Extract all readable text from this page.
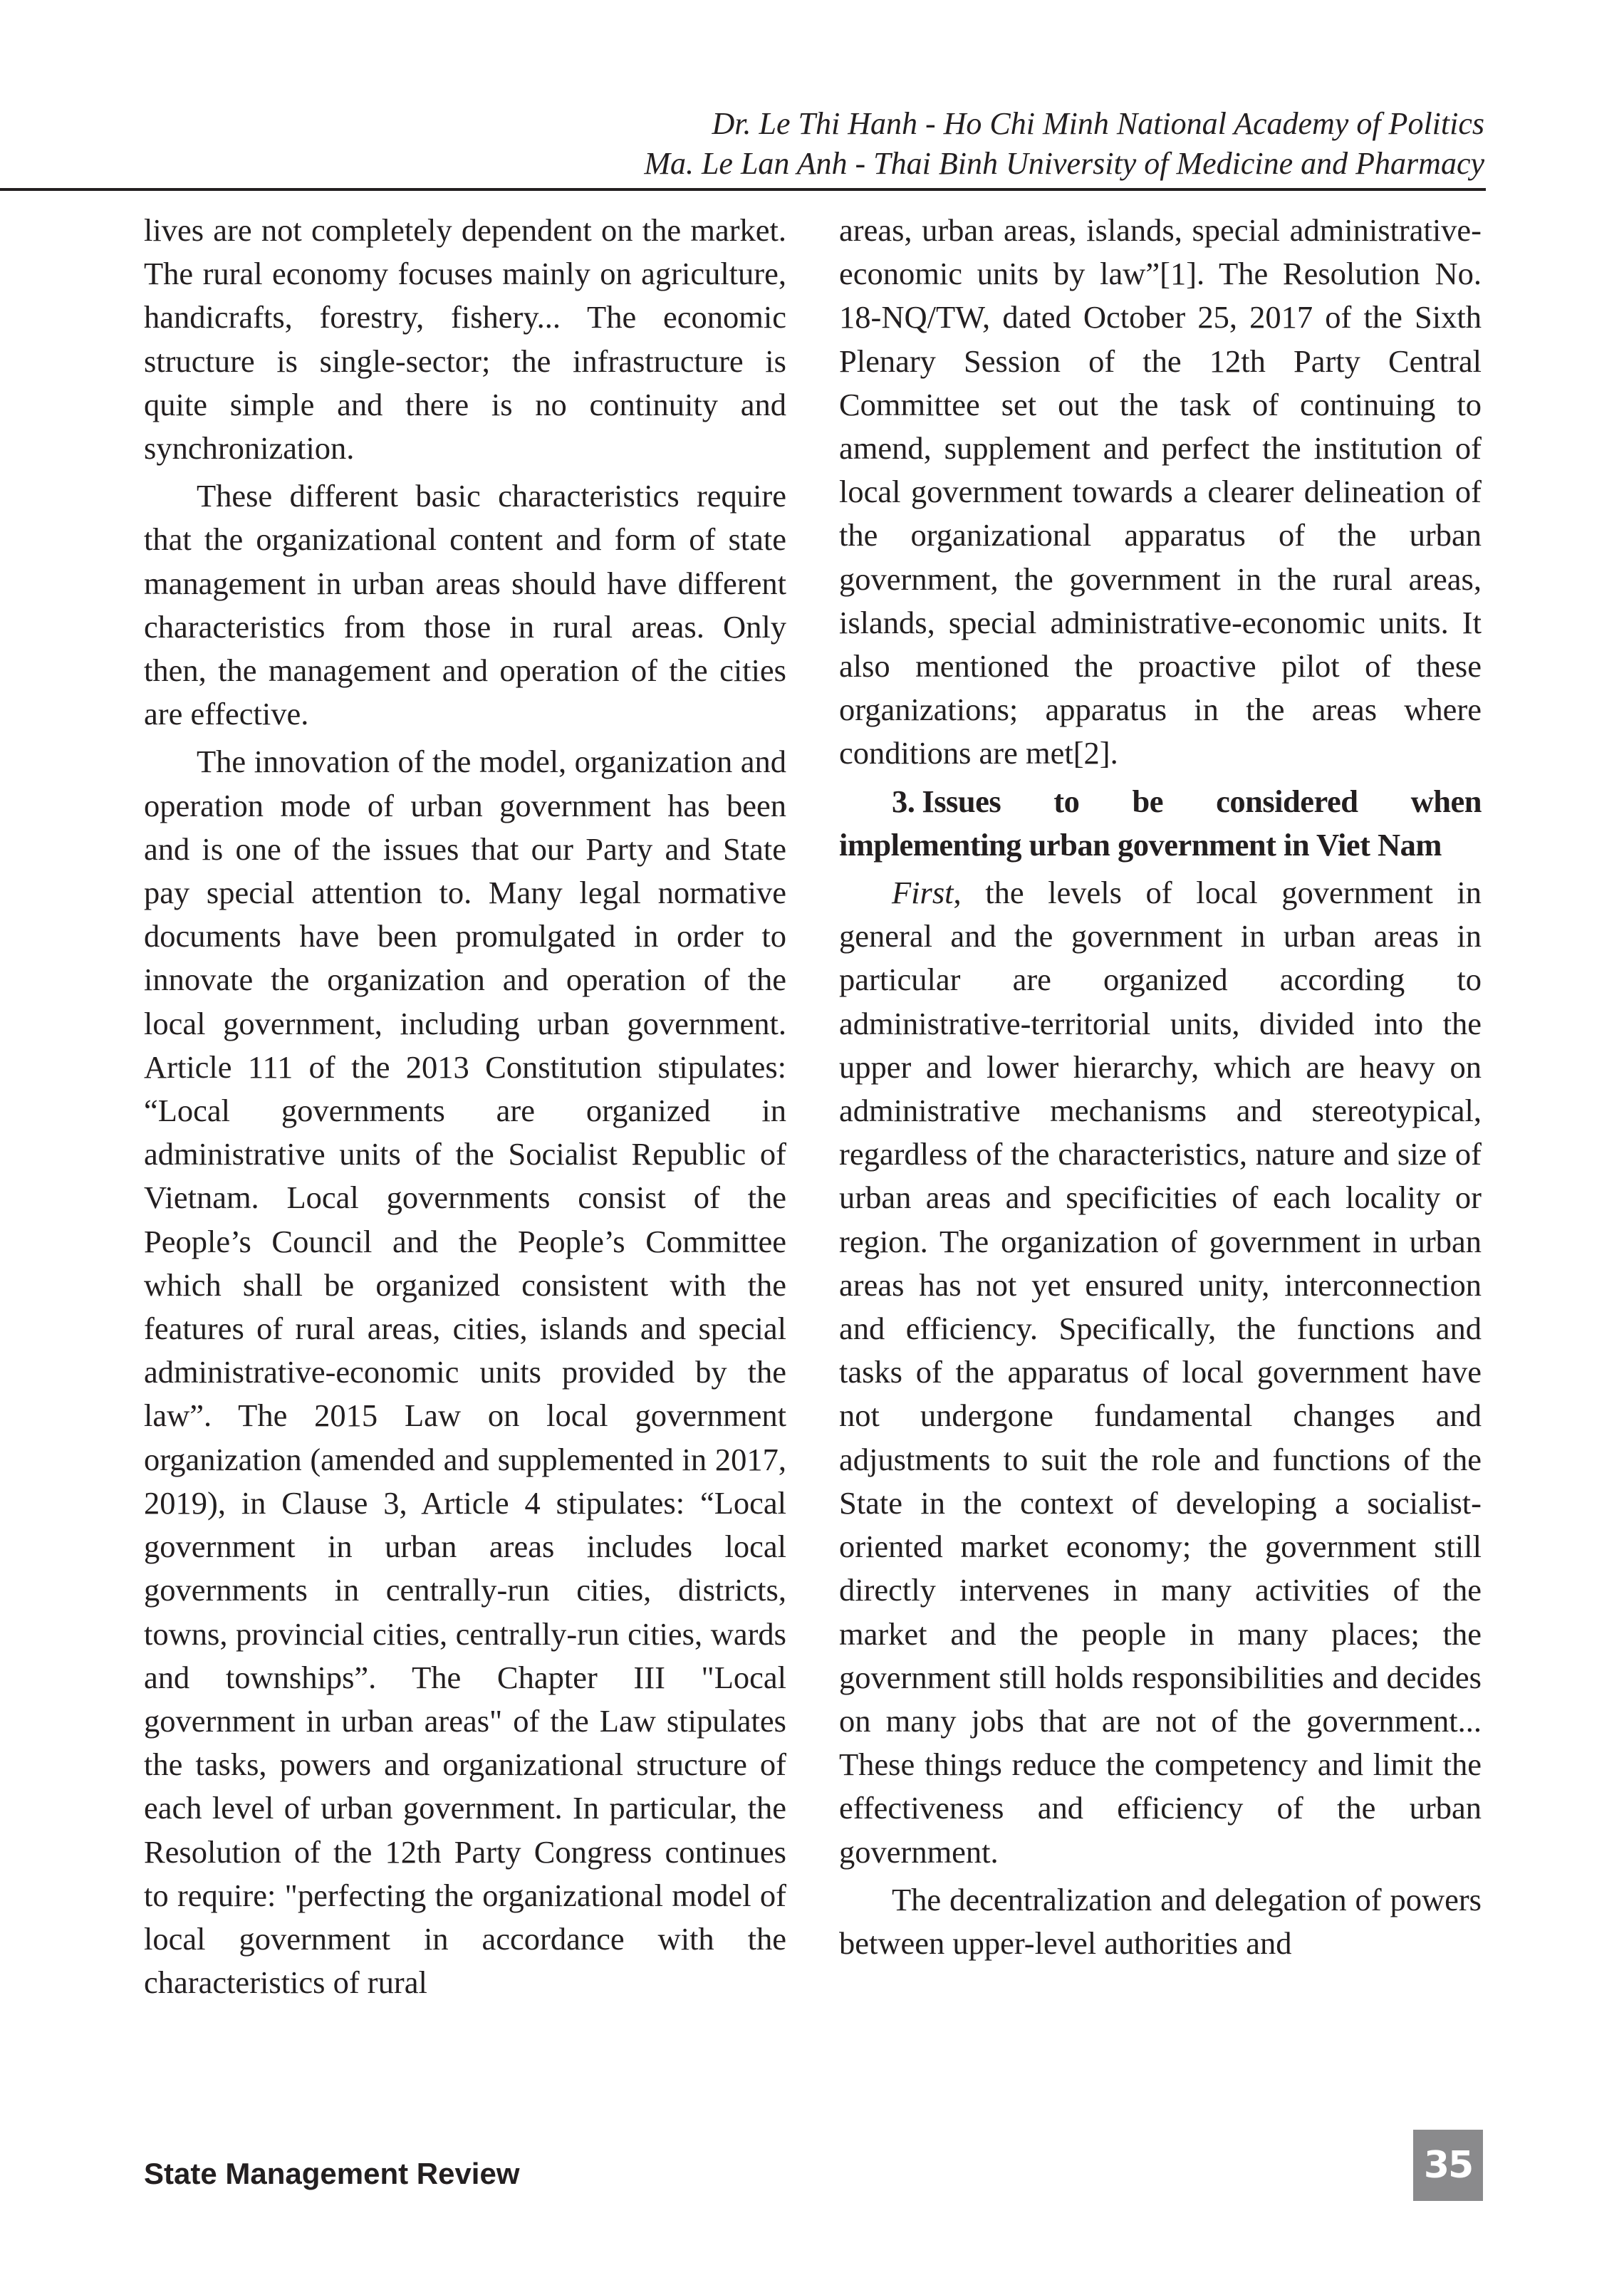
Dr. Le Thi Hanh - Ho Chi Minh National Academy of Politics
Ma. Le Lan Anh - Thai Binh University of Medicine and Pharmacy

lives are not completely dependent on the market. The rural economy focuses mainly on agriculture, handicrafts, forestry, fishery... The economic structure is single-sector; the infrastructure is quite simple and there is no continuity and synchronization.

These different basic characteristics require that the organizational content and form of state management in urban areas should have different characteristics from those in rural areas. Only then, the management and operation of the cities are effective.

The innovation of the model, organization and operation mode of urban government has been and is one of the issues that our Party and State pay special attention to. Many legal normative documents have been promulgated in order to innovate the organization and operation of the local government, including urban government. Article 111 of the 2013 Constitution stipulates: “Local governments are organized in administrative units of the Socialist Republic of Vietnam. Local governments consist of the People’s Council and the People’s Committee which shall be organized consistent with the features of rural areas, cities, islands and special administrative-economic units provided by the law”. The 2015 Law on local government organization (amended and supplemented in 2017, 2019), in Clause 3, Article 4 stipulates: “Local government in urban areas includes local governments in centrally-run cities, districts, towns, provincial cities, centrally-run cities, wards and townships”. The Chapter III "Local government in urban areas" of the Law stipulates the tasks, powers and organizational structure of each level of urban government. In particular, the Resolution of the 12th Party Congress continues to require: "perfecting the organizational model of local government in accordance with the characteristics of rural

areas, urban areas, islands, special administrative-economic units by law”[1]. The Resolution No. 18-NQ/TW, dated October 25, 2017 of the Sixth Plenary Session of the 12th Party Central Committee set out the task of continuing to amend, supplement and perfect the institution of local government towards a clearer delineation of the organizational apparatus of the urban government, the government in the rural areas, islands, special administrative-economic units. It also mentioned the proactive pilot of these organizations; apparatus in the areas where conditions are met[2].

3. Issues to be considered when implementing urban government in Viet Nam

First, the levels of local government in general and the government in urban areas in particular are organized according to administrative-territorial units, divided into the upper and lower hierarchy, which are heavy on administrative mechanisms and stereotypical, regardless of the characteristics, nature and size of urban areas and specificities of each locality or region. The organization of government in urban areas has not yet ensured unity, interconnection and efficiency. Specifically, the functions and tasks of the apparatus of local government have not undergone fundamental changes and adjustments to suit the role and functions of the State in the context of developing a socialist-oriented market economy; the government still directly intervenes in many activities of the market and the people in many places; the government still holds responsibilities and decides on many jobs that are not of the government... These things reduce the competency and limit the effectiveness and efficiency of the urban government.

The decentralization and delegation of powers between upper-level authorities and

State Management Review	35
